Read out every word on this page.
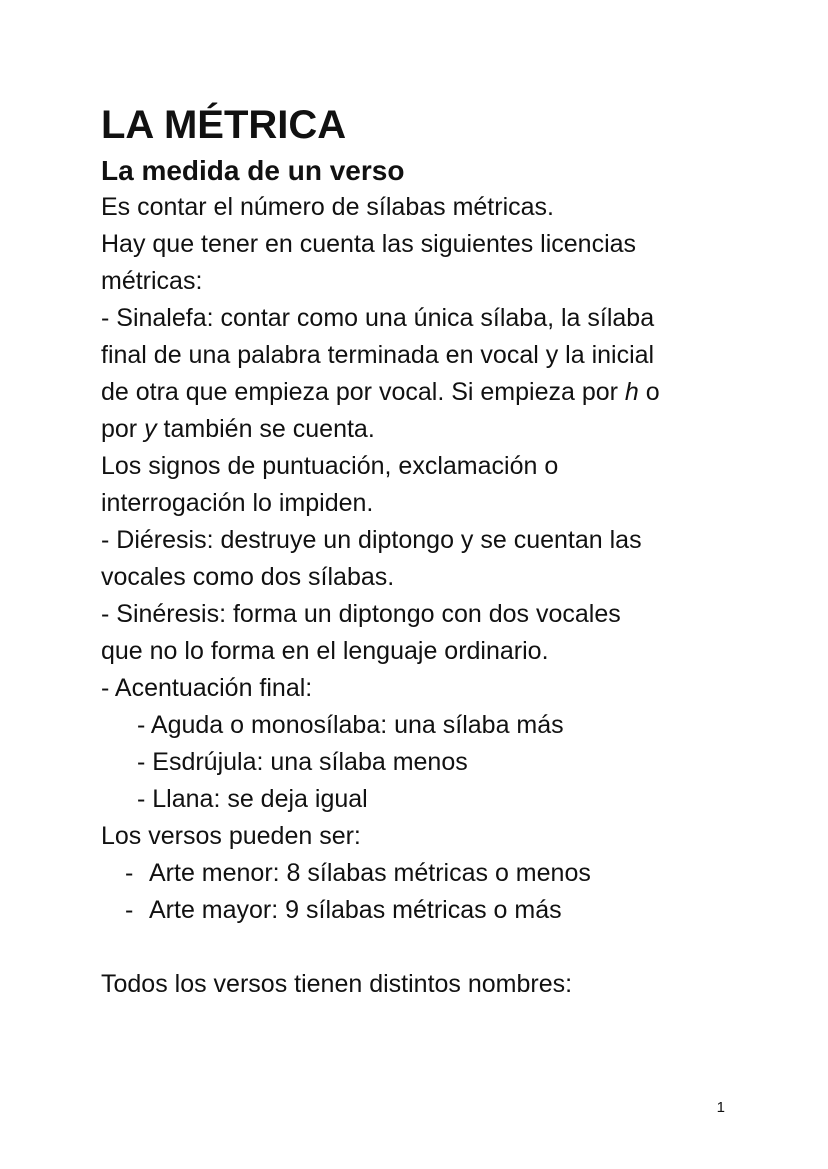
LA MÉTRICA
La medida de un verso

Es contar el número de sílabas métricas.

Hay que tener en cuenta las siguientes licencias

métricas:

- Sinalefa: contar como una única sílaba, la sílaba

final de una palabra terminada en vocal y la inicial

de otra que empieza por vocal. Si empieza por h o

por y también se cuenta.

Los signos de puntuación, exclamación o

interrogación lo impiden.

- Diéresis: destruye un diptongo y se cuentan las

vocales como dos sílabas.

- Sinéresis: forma un diptongo con dos vocales

que no lo forma en el lenguaje ordinario.

- Acentuación final:

- Aguda o monosílaba: una sílaba más

- Esdrújula: una sílaba menos

- Llana: se deja igual

Los versos pueden ser:

- Arte menor: 8 sílabas métricas o menos

- Arte mayor: 9 sílabas métricas o más

Todos los versos tienen distintos nombres:

1
